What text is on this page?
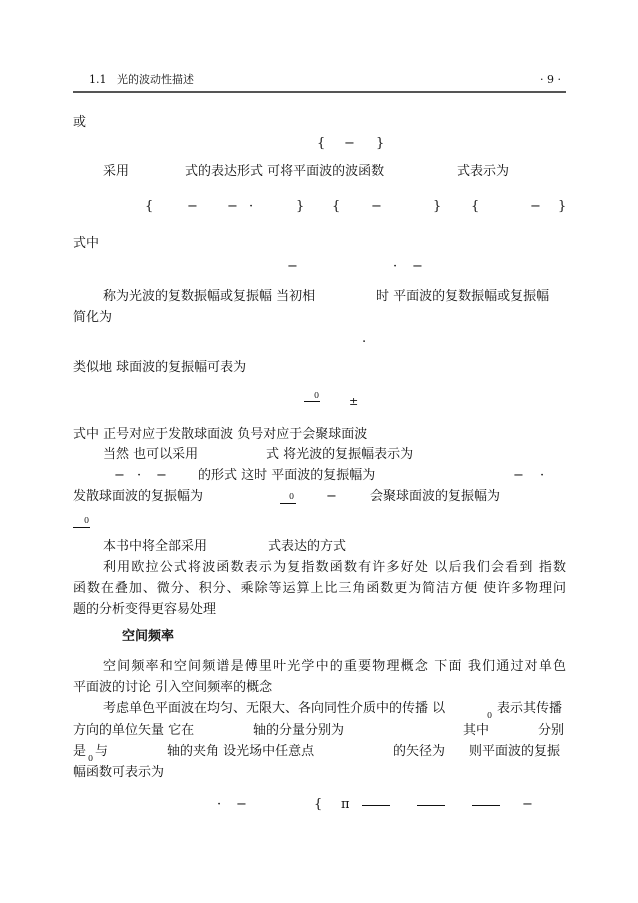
1.1 光的波动性描述	· 9 ·
或
{ − }
采用	式的表达形式 可将平面波的波函数	式表示为
{	− − ·	} { −	} {	− }
式中
−	· −
称为光波的复数振幅或复振幅 当初相	时 平面波的复数振幅或复振幅
简化为
.
类似地 球面波的复振幅可表为
0	±
式中 正号对应于发散球面波 负号对应于会聚球面波
当然 也可以采用	式 将光波的复振幅表示为
− · − 的形式 这时 平面波的复振幅为	− ·
发散球面波的复振幅为	0 −	会聚球面波的复振幅为
0
本书中将全部采用	式表达的方式
利用欧拉公式将波函数表示为复指数函数有许多好处 以后我们会看到 指数
函数在叠加、微分、积分、乘除等运算上比三角函数更为简洁方便 使许多物理问
题的分析变得更容易处理
空间频率
空间频率和空间频谱是傅里叶光学中的重要物理概念 下面 我们通过对单色
平面波的讨论 引入空间频率的概念
考虑单色平面波在均匀、无限大、各向同性介质中的传播 以	0 表示其传播
方向的单位矢量 它在	轴的分量分别为	其中	分别
是 0 与	轴的夹角 设光场中任意点	的矢径为 则平面波的复振
幅函数可表示为
· −	{ π	−
